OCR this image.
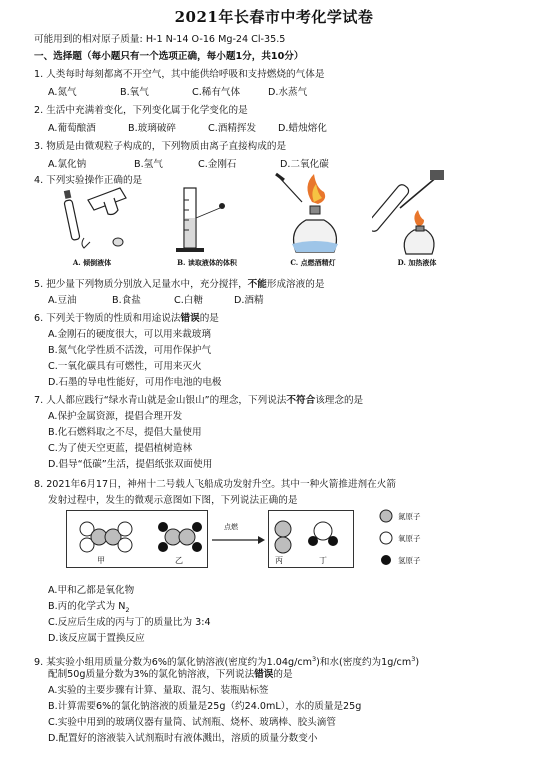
2021年长春市中考化学试卷
可能用到的相对原子质量: H-1 N-14 O-16 Mg-24 Cl-35.5
一、选择题（每小题只有一个选项正确，每小题1分，共10分）
1. 人类每时每刻都离不开空气，其中能供给呼吸和支持燃烧的气体是
A.氮气	B.氧气	C.稀有气体	D.水蒸气
2. 生活中充满着变化，下列变化属于化学变化的是
A.葡萄酿酒	B.玻璃破碎	C.酒精挥发 D.蜡烛熔化
3. 物质是由微观粒子构成的，下列物质由离子直接构成的是
A.氯化钠	B.氢气	C.金刚石	D.二氧化碳
4. 下列实验操作正确的是
A. 倾倒液体	B. 读取液体的体积	C. 点燃酒精灯	D. 加热液体
5. 把少量下列物质分别放入足量水中，充分搅拌，不能形成溶液的是
A.豆油	B.食盐	C.白糖	D.酒精
6. 下列关于物质的性质和用途说法错误的是
A.金刚石的硬度很大，可以用来裁玻璃
B.氮气化学性质不活泼，可用作保护气
C.一氧化碳具有可燃性，可用来灭火
D.石墨的导电性能好，可用作电池的电极
7. 人人都应践行“绿水青山就是金山银山”的理念，下列说法不符合该理念的是
A.保护金属资源，提倡合理开发
B.化石燃料取之不尽，提倡大量使用
C.为了使天空更蓝，提倡植树造林
D.倡导“低碳”生活，提倡纸张双面使用
8. 2021年6月17日，神州十二号载人飞船成功发射升空。其中一种火箭推进剂在火箭
发射过程中，发生的微观示意图如下图，下列说法正确的是
甲	乙
点燃
丙	丁
氮原子
氧原子
氢原子
A.甲和乙都是氧化物
B.丙的化学式为 $N_2$
C.反应后生成的丙与丁的质量比为 3:4
D.该反应属于置换反应
9. 某实验小组用质量分数为6%的氯化钠溶液(密度约为$1.04g/cm^3$)和水(密度约为$1g/cm^3$)
配制50g质量分数为3%的氯化钠溶液，下列说法错误的是
A.实验的主要步骤有计算、量取、混匀、装瓶贴标签
B.计算需要6%的氯化钠溶液的质量是25g（约24.0mL），水的质量是25g
C.实验中用到的玻璃仪器有量筒、试剂瓶、烧杯、玻璃棒、胶头滴管
D.配置好的溶液装入试剂瓶时有液体溅出，溶质的质量分数变小
